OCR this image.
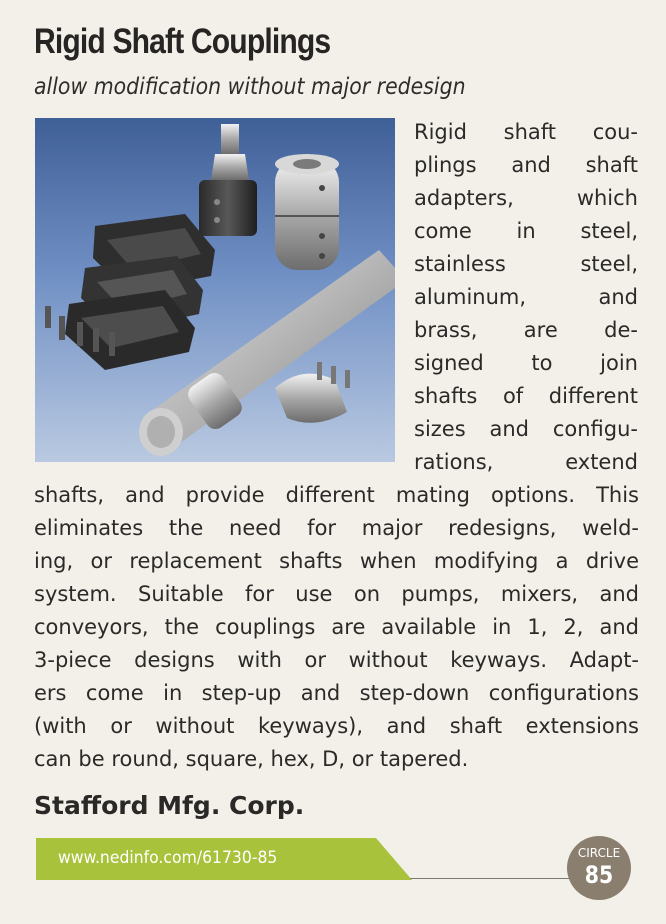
Rigid Shaft Couplings
allow modification without major redesign
Rigid shaft cou-
plings and shaft
adapters, which
come in steel,
stainless steel,
aluminum, and
brass, are de-
signed to join
shafts of different
sizes and configu-
rations, extend
shafts, and provide different mating options. This
eliminates the need for major redesigns, weld-
ing, or replacement shafts when modifying a drive
system. Suitable for use on pumps, mixers, and
conveyors, the couplings are available in 1, 2, and
3-piece designs with or without keyways. Adapt-
ers come in step-up and step-down configurations
(with or without keyways), and shaft extensions
can be round, square, hex, D, or tapered.
Stafford Mfg. Corp.
www.nedinfo.com/61730-85	CIRCLE
85
